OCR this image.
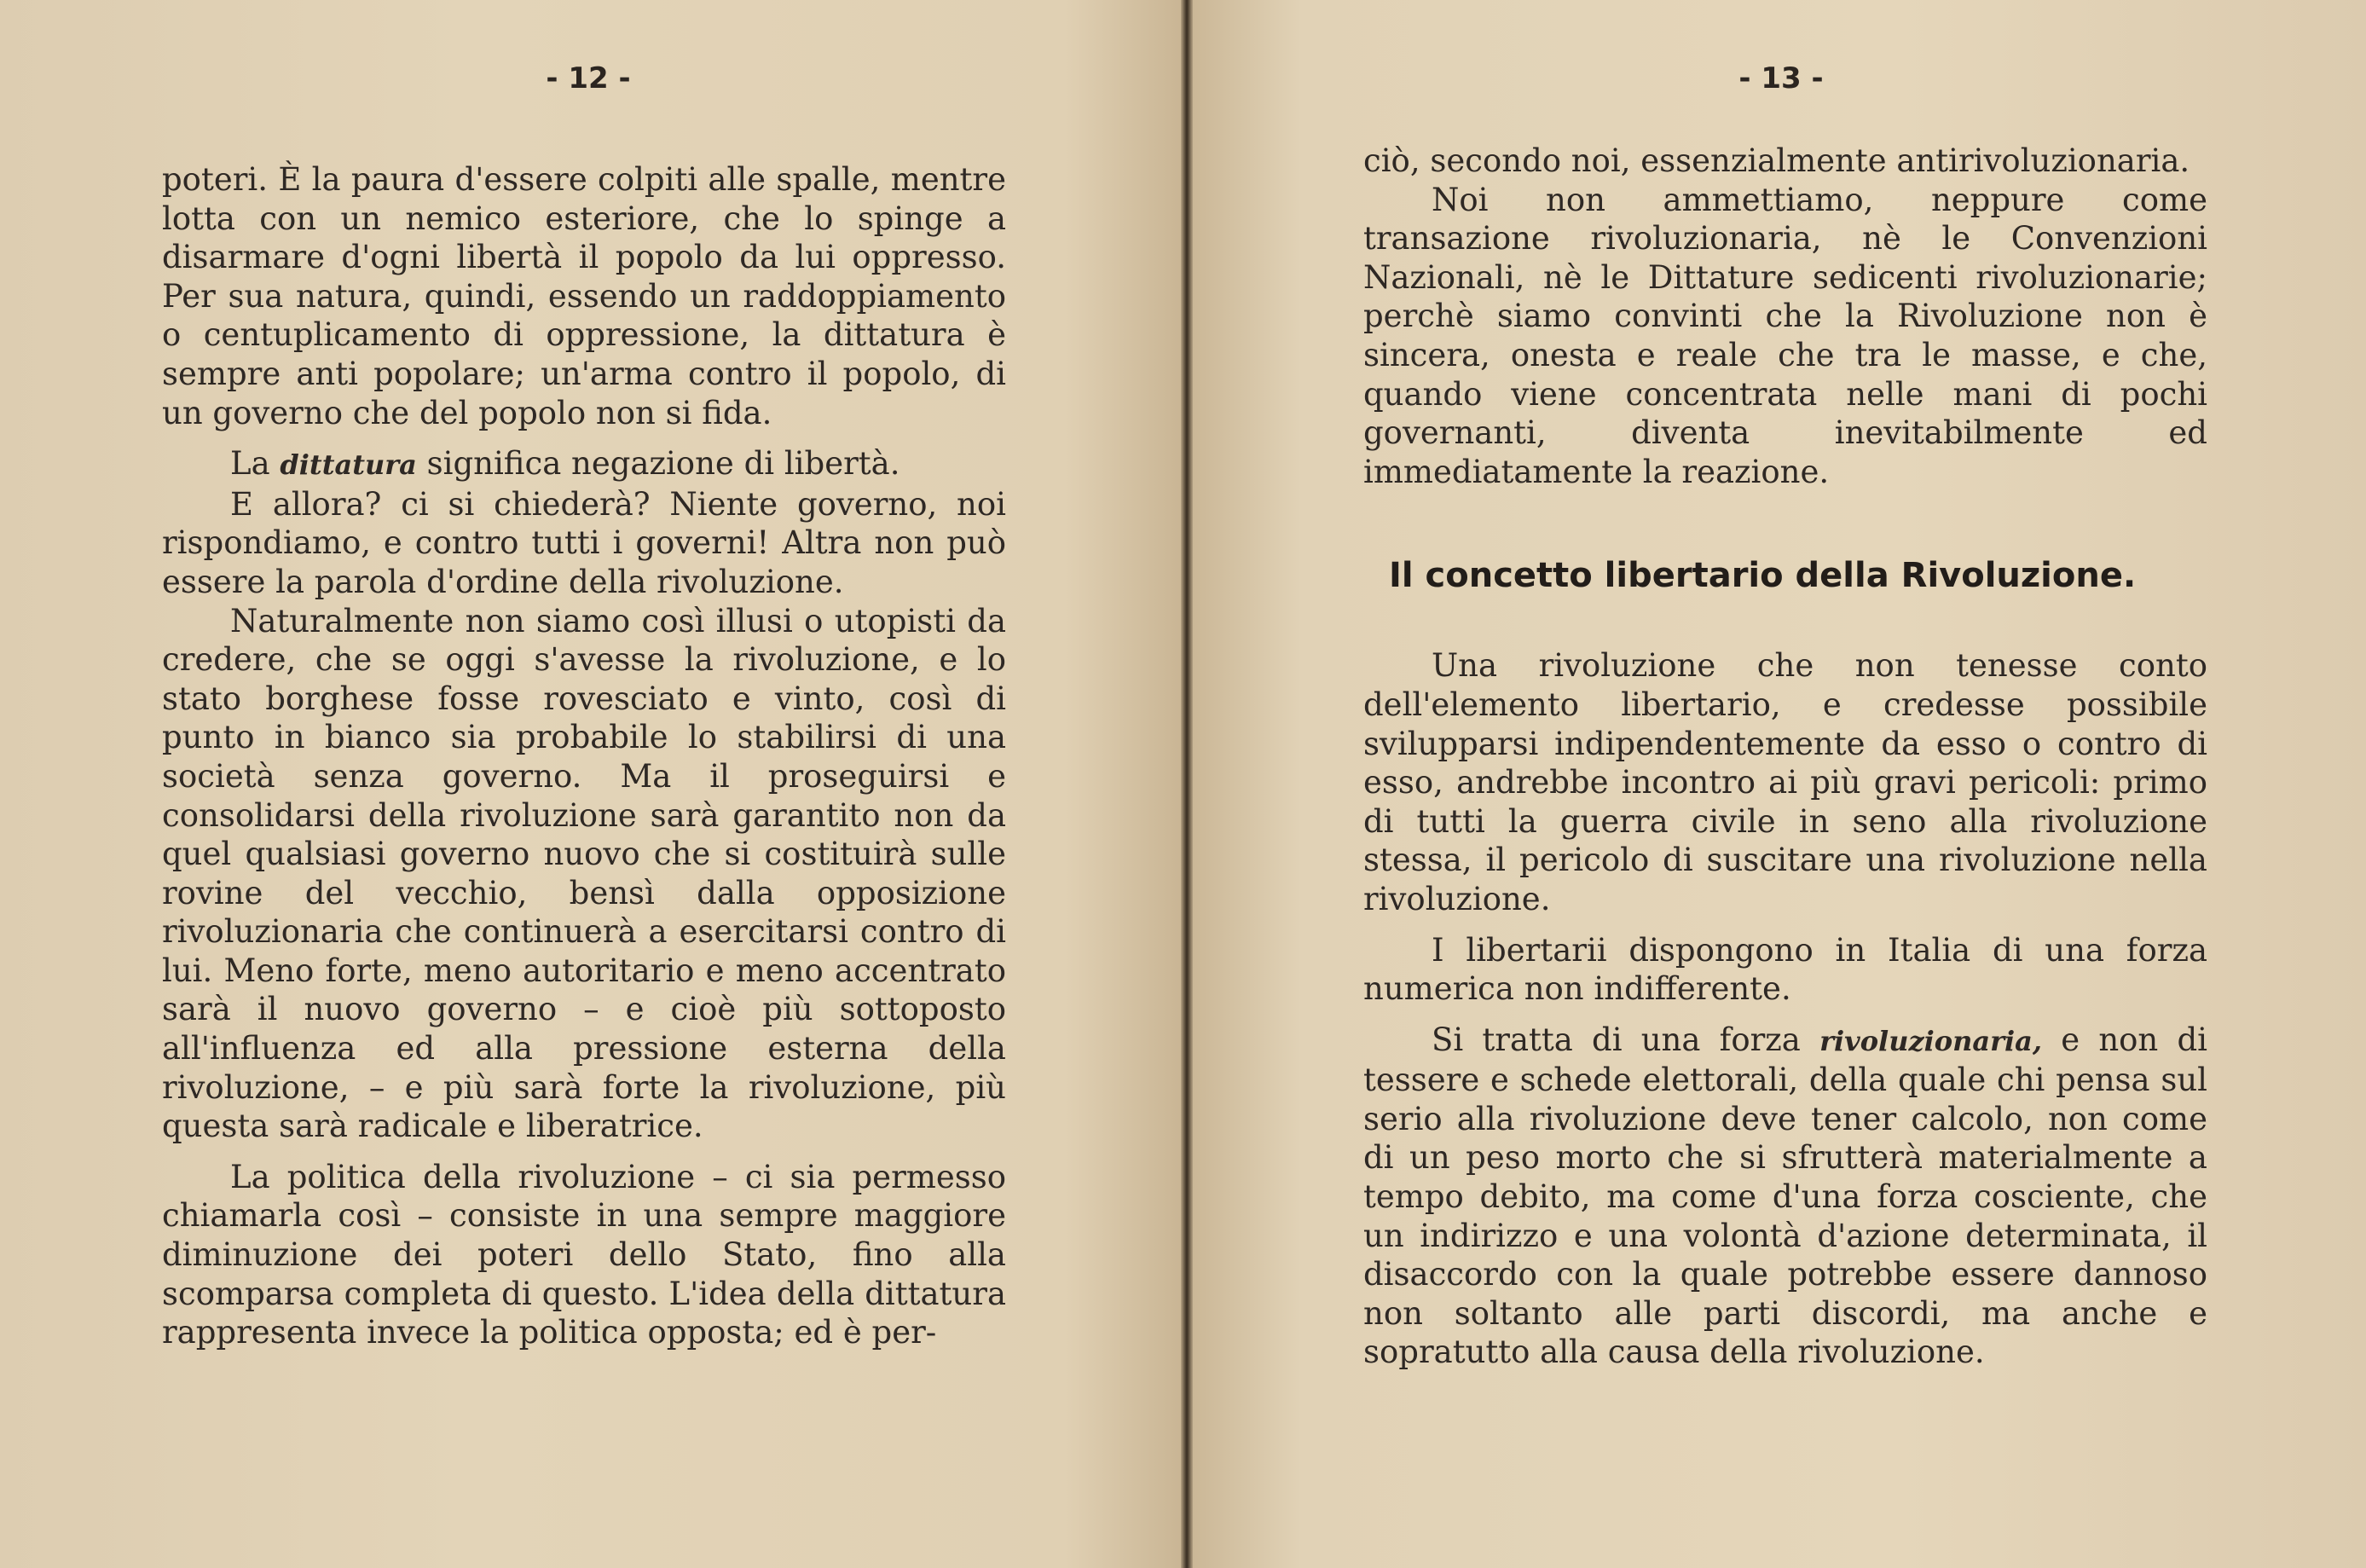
- 12 -

poteri. È la paura d'essere colpiti alle spalle, mentre lotta con un nemico esteriore, che lo spinge a disarmare d'ogni libertà il popolo da lui oppresso. Per sua natura, quindi, essendo un raddoppiamento o centuplicamento di oppressione, la dittatura è sempre anti popolare; un'arma contro il popolo, di un governo che del popolo non si fida.

La dittatura significa negazione di libertà.

E allora? ci si chiederà? Niente governo, noi rispondiamo, e contro tutti i governi! Altra non può essere la parola d'ordine della rivoluzione.

Naturalmente non siamo così illusi o utopisti da credere, che se oggi s'avesse la rivoluzione, e lo stato borghese fosse rovesciato e vinto, così di punto in bianco sia probabile lo stabilirsi di una società senza governo. Ma il proseguirsi e consolidarsi della rivoluzione sarà garantito non da quel qualsiasi governo nuovo che si costituirà sulle rovine del vecchio, bensì dalla opposizione rivoluzionaria che continuerà a esercitarsi contro di lui. Meno forte, meno autoritario e meno accentrato sarà il nuovo governo – e cioè più sottoposto all'influenza ed alla pressione esterna della rivoluzione, – e più sarà forte la rivoluzione, più questa sarà radicale e liberatrice.

La politica della rivoluzione – ci sia permesso chiamarla così – consiste in una sempre maggiore diminuzione dei poteri dello Stato, fino alla scomparsa completa di questo. L'idea della dittatura rappresenta invece la politica opposta; ed è per-

- 13 -

ciò, secondo noi, essenzialmente antirivoluzionaria.

Noi non ammettiamo, neppure come transazione rivoluzionaria, nè le Convenzioni Nazionali, nè le Dittature sedicenti rivoluzionarie; perchè siamo convinti che la Rivoluzione non è sincera, onesta e reale che tra le masse, e che, quando viene concentrata nelle mani di pochi governanti, diventa inevitabilmente ed immediatamente la reazione.

Il concetto libertario della Rivoluzione.

Una rivoluzione che non tenesse conto dell'elemento libertario, e credesse possibile svilupparsi indipendentemente da esso o contro di esso, andrebbe incontro ai più gravi pericoli: primo di tutti la guerra civile in seno alla rivoluzione stessa, il pericolo di suscitare una rivoluzione nella rivoluzione.

I libertarii dispongono in Italia di una forza numerica non indifferente.

Si tratta di una forza rivoluzionaria, e non di tessere e schede elettorali, della quale chi pensa sul serio alla rivoluzione deve tener calcolo, non come di un peso morto che si sfrutterà materialmente a tempo debito, ma come d'una forza cosciente, che un indirizzo e una volontà d'azione determinata, il disaccordo con la quale potrebbe essere dannoso non soltanto alle parti discordi, ma anche e sopratutto alla causa della rivoluzione.
